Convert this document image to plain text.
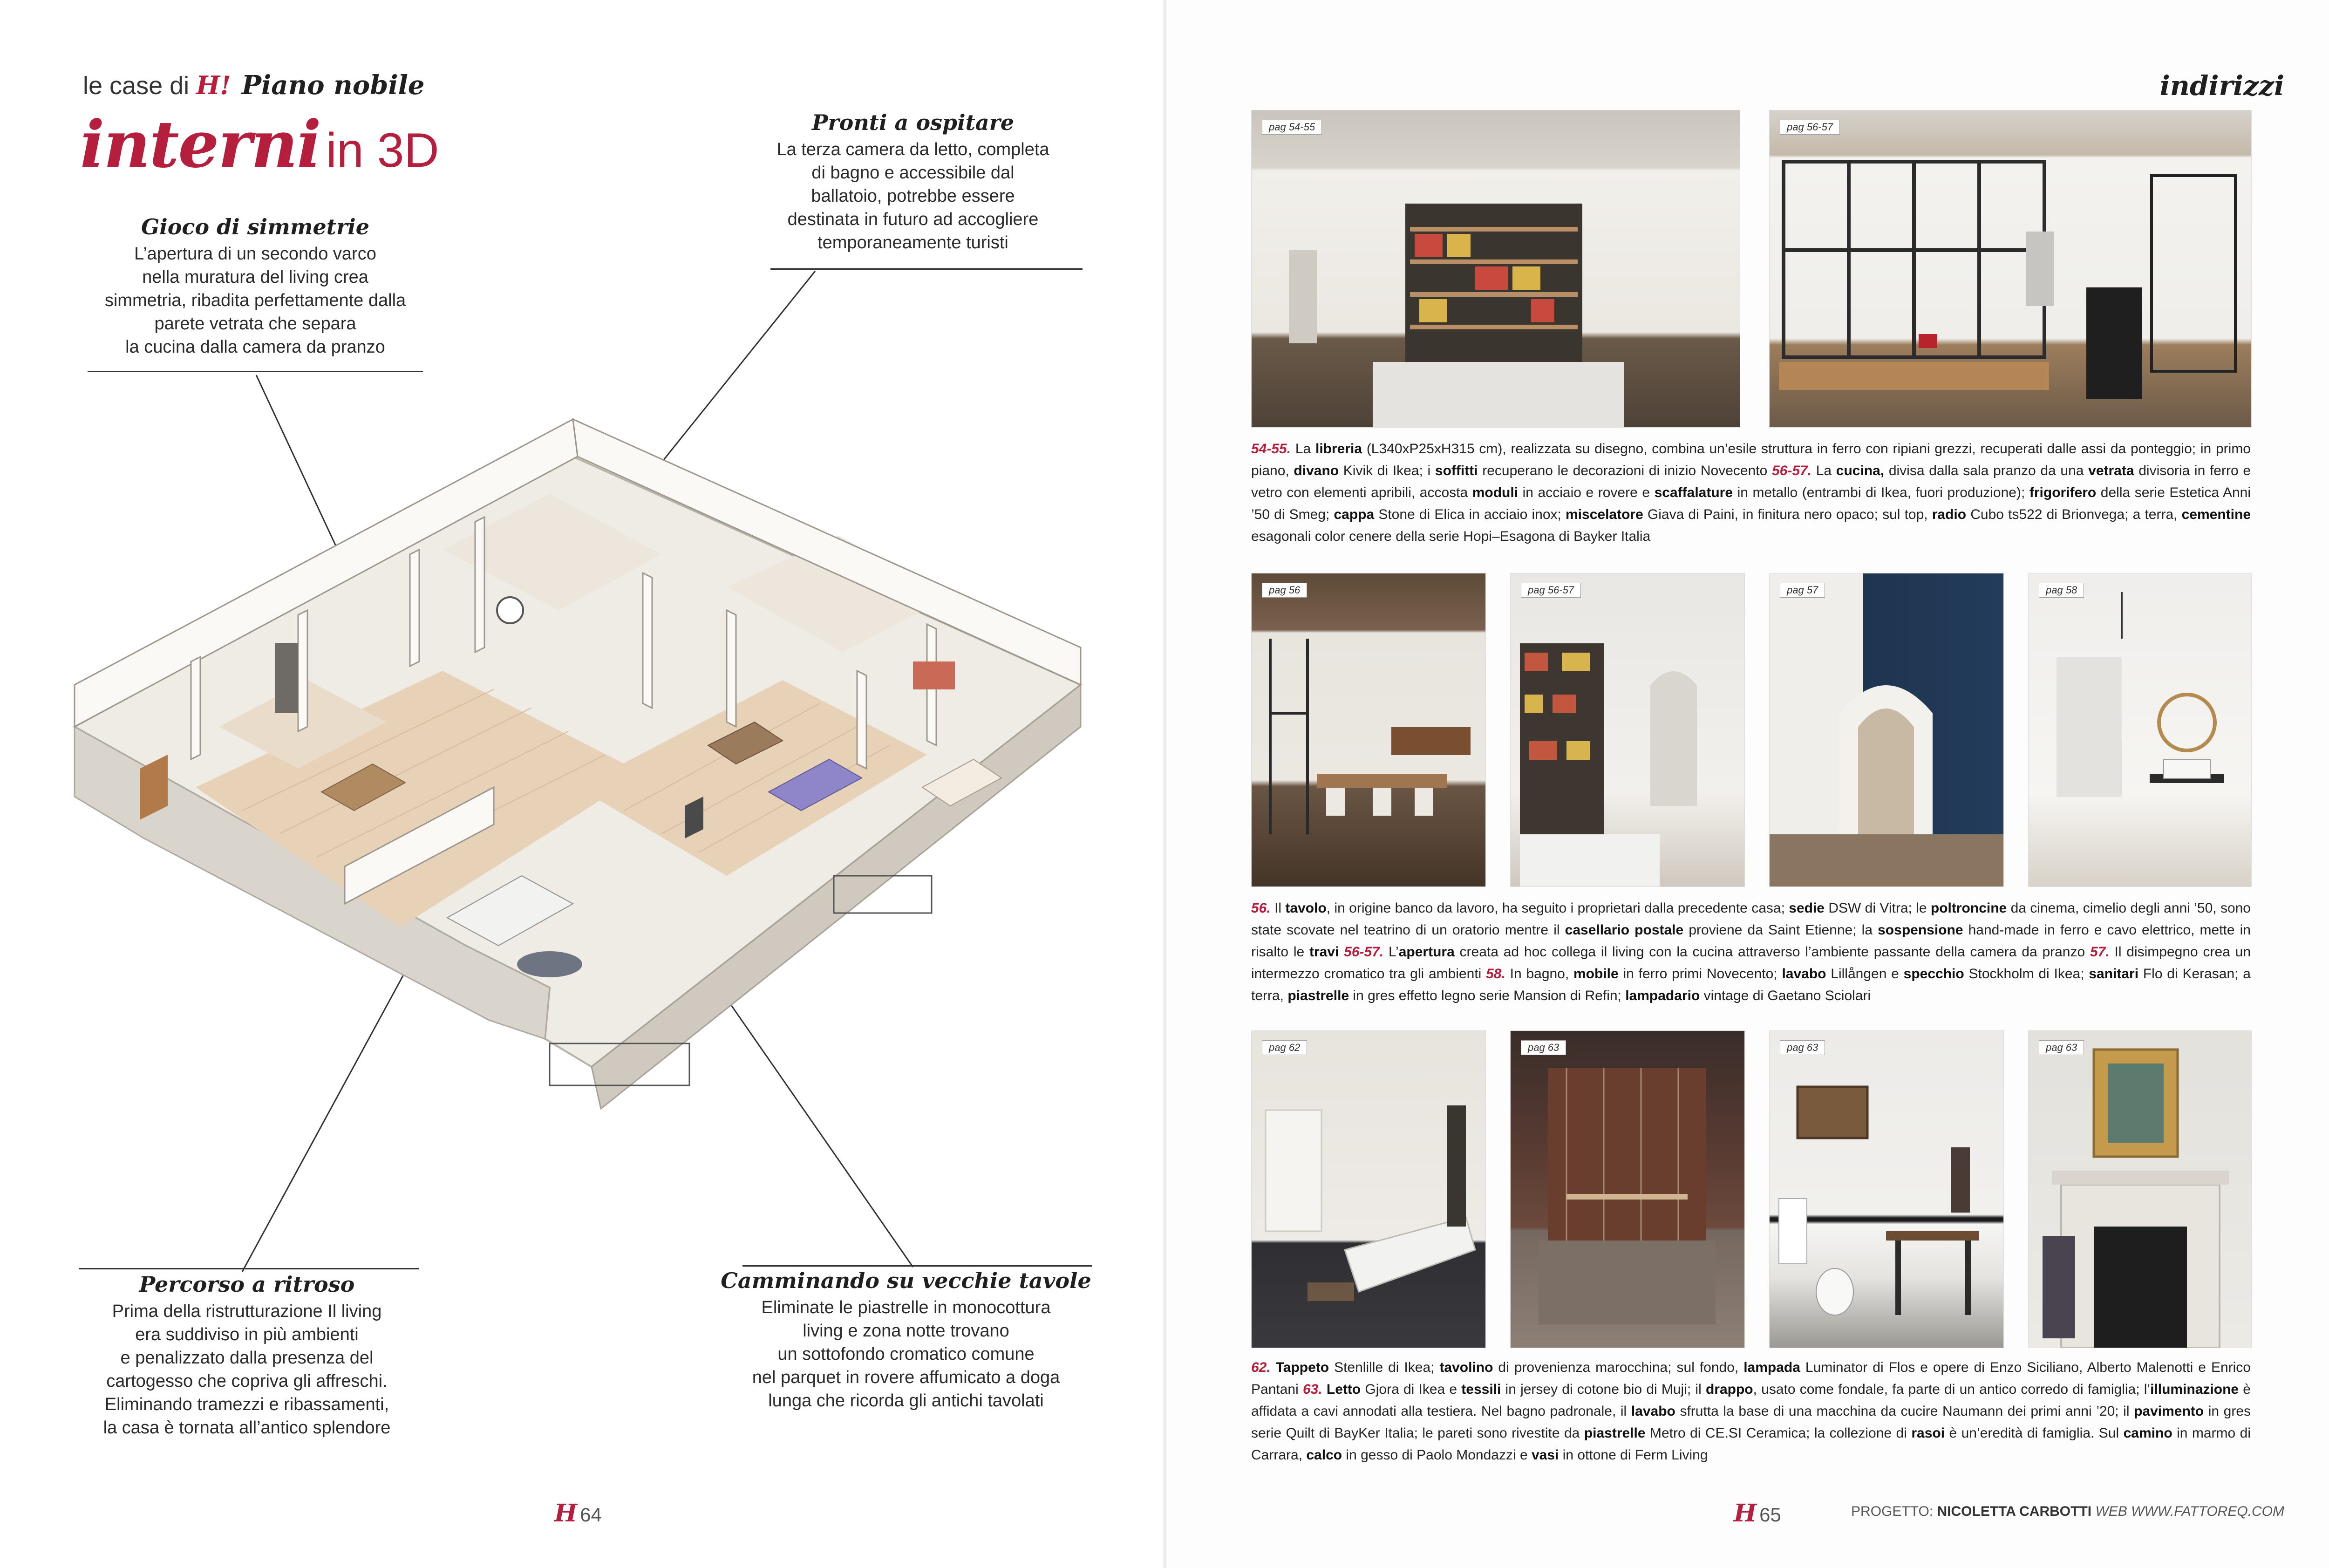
le case di H! Piano nobile
interni in 3D
Gioco di simmetrie
L’apertura di un secondo varco
nella muratura del living crea
simmetria, ribadita perfettamente dalla
parete vetrata che separa
la cucina dalla camera da pranzo
Pronti a ospitare
La terza camera da letto, completa
di bagno e accessibile dal
ballatoio, potrebbe essere
destinata in futuro ad accogliere
temporaneamente turisti
Percorso a ritroso
Prima della ristrutturazione Il living
era suddiviso in più ambienti
e penalizzato dalla presenza del
cartogesso che copriva gli affreschi.
Eliminando tramezzi e ribassamenti,
la casa è tornata all’antico splendore
Camminando su vecchie tavole
Eliminate le piastrelle in monocottura
living e zona notte trovano
un sottofondo cromatico comune
nel parquet in rovere affumicato a doga
lunga che ricorda gli antichi tavolati
H 64
indirizzi
pag 54-55	pag 56-57
54-55. La libreria (L340xP25xH315 cm), realizzata su disegno, combina un’esile struttura in ferro con ripiani grezzi, recuperati dalle assi da ponteggio; in primo piano, divano Kivik di Ikea; i soffitti recuperano le decorazioni di inizio Novecento 56-57. La cucina, divisa dalla sala pranzo da una vetrata divisoria in ferro e vetro con elementi apribili, accosta moduli in acciaio e rovere e scaffalature in metallo (entrambi di Ikea, fuori produzione); frigorifero della serie Estetica Anni ’50 di Smeg; cappa Stone di Elica in acciaio inox; miscelatore Giava di Paini, in finitura nero opaco; sul top, radio Cubo ts522 di Brionvega; a terra, cementine esagonali color cenere della serie Hopi–Esagona di Bayker Italia
pag 56	pag 56-57	pag 57	pag 58
56. Il tavolo, in origine banco da lavoro, ha seguito i proprietari dalla precedente casa; sedie DSW di Vitra; le poltroncine da cinema, cimelio degli anni ’50, sono state scovate nel teatrino di un oratorio mentre il casellario postale proviene da Saint Etienne; la sospensione hand-made in ferro e cavo elettrico, mette in risalto le travi 56-57. L’apertura creata ad hoc collega il living con la cucina attraverso l’ambiente passante della camera da pranzo 57. Il disimpegno crea un intermezzo cromatico tra gli ambienti 58. In bagno, mobile in ferro primi Novecento; lavabo Lillången e specchio Stockholm di Ikea; sanitari Flo di Kerasan; a terra, piastrelle in gres effetto legno serie Mansion di Refin; lampadario vintage di Gaetano Sciolari
pag 62	pag 63	pag 63	pag 63
62. Tappeto Stenlille di Ikea; tavolino di provenienza marocchina; sul fondo, lampada Luminator di Flos e opere di Enzo Siciliano, Alberto Malenotti e Enrico Pantani 63. Letto Gjora di Ikea e tessili in jersey di cotone bio di Muji; il drappo, usato come fondale, fa parte di un antico corredo di famiglia; l’illuminazione è affidata a cavi annodati alla testiera. Nel bagno padronale, il lavabo sfrutta la base di una macchina da cucire Naumann dei primi anni ’20; il pavimento in gres serie Quilt di BayKer Italia; le pareti sono rivestite da piastrelle Metro di CE.SI Ceramica; la collezione di rasoi è un’eredità di famiglia. Sul camino in marmo di Carrara, calco in gesso di Paolo Mondazzi e vasi in ottone di Ferm Living
H 65	PROGETTO: NICOLETTA CARBOTTI WEB WWW.FATTOREQ.COM
